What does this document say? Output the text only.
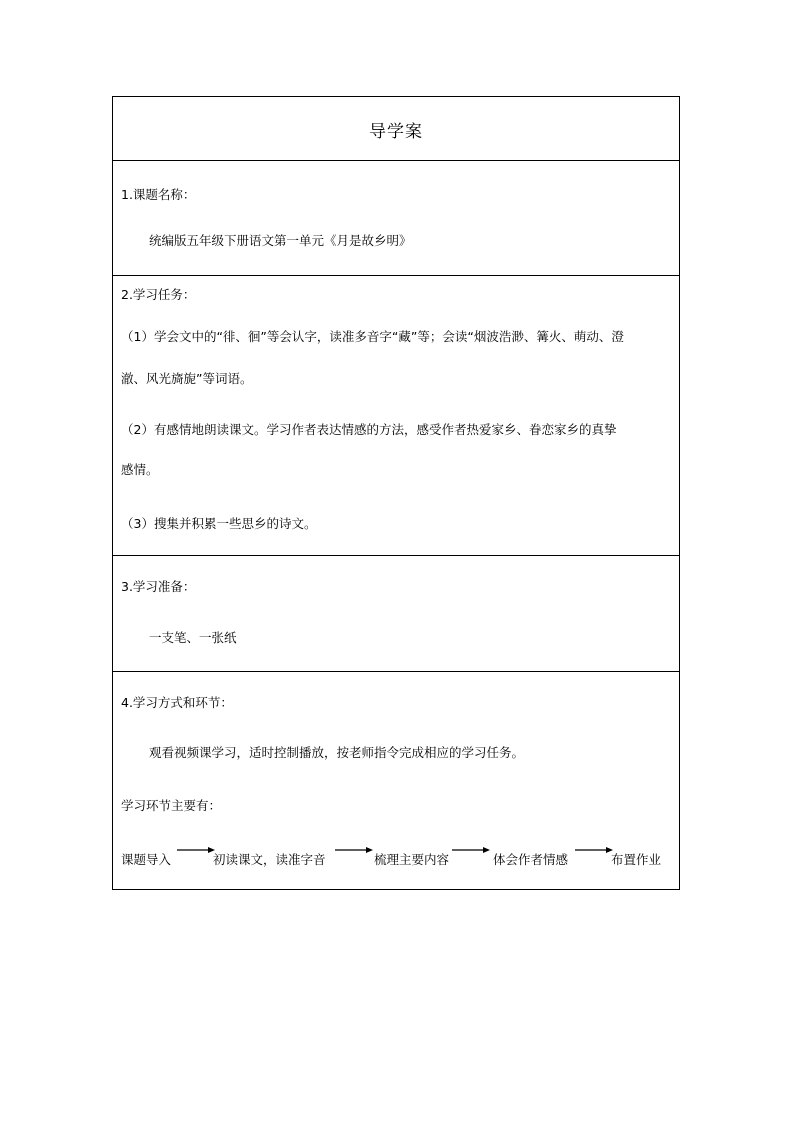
导学案
1.课题名称：
统编版五年级下册语文第一单元《月是故乡明》
2.学习任务：
（1）学会文中的“徘、徊”等会认字，读准多音字“藏”等；会读“烟波浩渺、篝火、萌动、澄
澈、风光旖旎”等词语。
（2）有感情地朗读课文。学习作者表达情感的方法，感受作者热爱家乡、眷恋家乡的真挚
感情。
（3）搜集并积累一些思乡的诗文。
3.学习准备：
一支笔、一张纸
4.学习方式和环节：
观看视频课学习，适时控制播放，按老师指令完成相应的学习任务。
学习环节主要有：
课题导入	初读课文，读准字音	梳理主要内容	体会作者情感	布置作业
